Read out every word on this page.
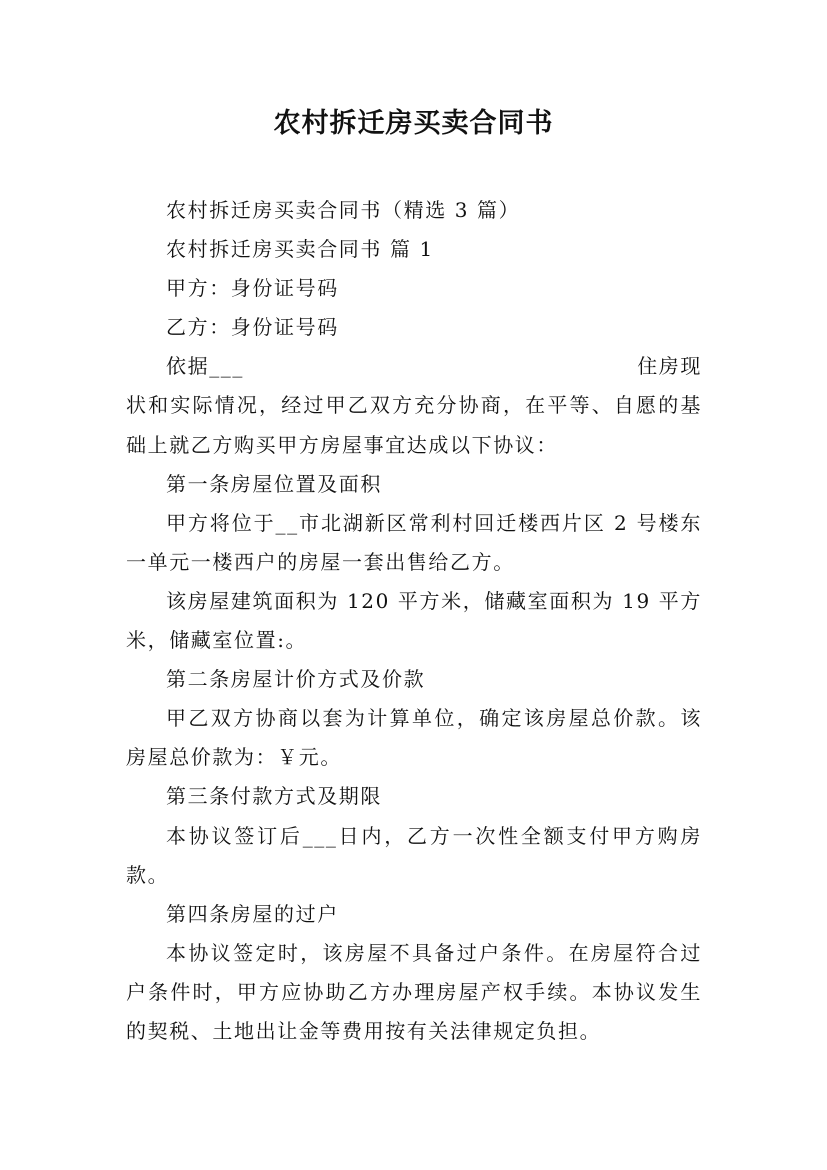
农村拆迁房买卖合同书

农村拆迁房买卖合同书（精选 3 篇）

农村拆迁房买卖合同书 篇 1

甲方：身份证号码

乙方：身份证号码

依据___	住房现

状和实际情况，经过甲乙双方充分协商，在平等、自愿的基础上就乙方购买甲方房屋事宜达成以下协议：

第一条房屋位置及面积

甲方将位于__市北湖新区常利村回迁楼西片区 2 号楼东一单元一楼西户的房屋一套出售给乙方。

该房屋建筑面积为 120 平方米，储藏室面积为 19 平方米，储藏室位置:。

第二条房屋计价方式及价款

甲乙双方协商以套为计算单位，确定该房屋总价款。该房屋总价款为：￥元。

第三条付款方式及期限

本协议签订后___日内，乙方一次性全额支付甲方购房款。

第四条房屋的过户

本协议签定时，该房屋不具备过户条件。在房屋符合过户条件时，甲方应协助乙方办理房屋产权手续。本协议发生的契税、土地出让金等费用按有关法律规定负担。
